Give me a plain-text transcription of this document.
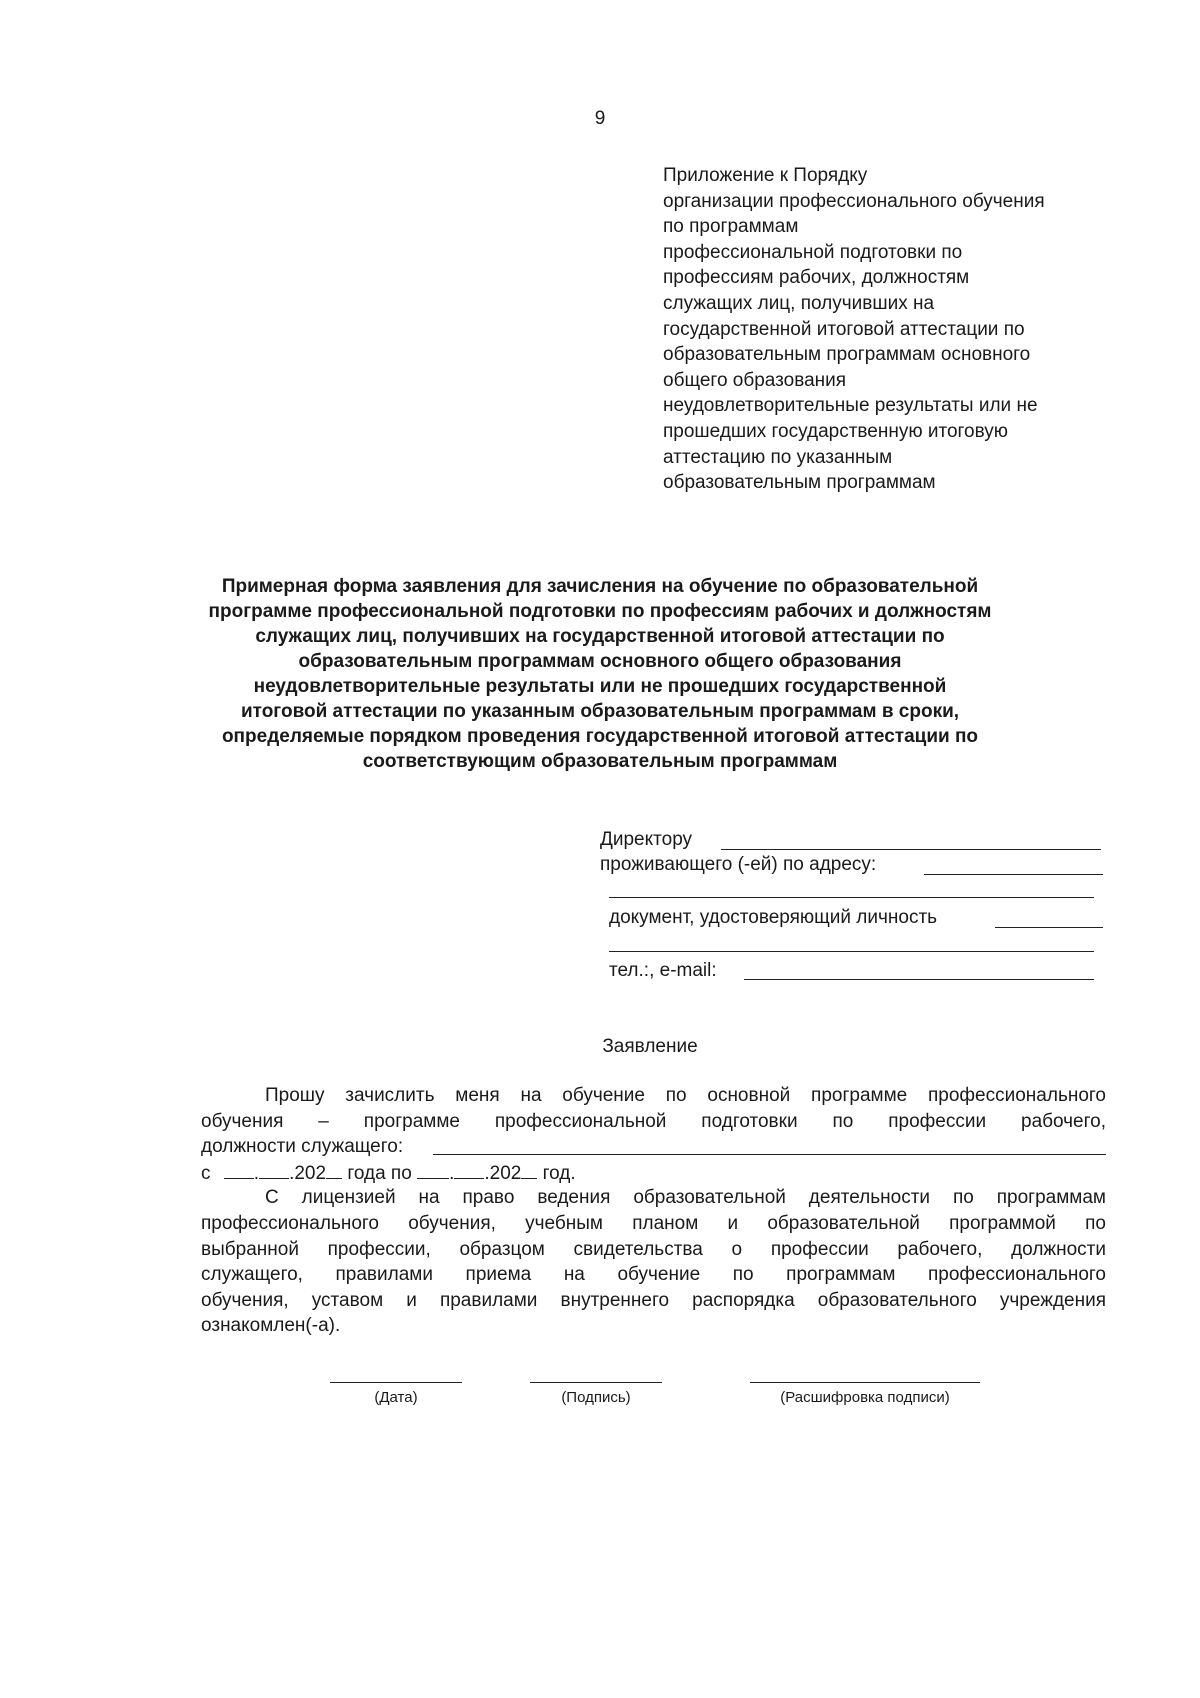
9
Приложение к Порядку
организации профессионального обучения
по программам
профессиональной подготовки по
профессиям рабочих, должностям
служащих лиц, получивших на
государственной итоговой аттестации по
образовательным программам основного
общего образования
неудовлетворительные результаты или не
прошедших государственную итоговую
аттестацию по указанным
образовательным программам
Примерная форма заявления для зачисления на обучение по образовательной
программе профессиональной подготовки по профессиям рабочих и должностям
служащих лиц, получивших на государственной итоговой аттестации по
образовательным программам основного общего образования
неудовлетворительные результаты или не прошедших государственной
итоговой аттестации по указанным образовательным программам в сроки,
определяемые порядком проведения государственной итоговой аттестации по
соответствующим образовательным программам
Директору
проживающего (-ей) по адресу:
документ, удостоверяющий личность
тел.:, e-mail:
Заявление
Прошу зачислить меня на обучение по основной программе профессионального
обучения – программе профессиональной подготовки по профессии рабочего,
должности служащего:
с . .202 года по . .202 год.
С лицензией на право ведения образовательной деятельности по программам
профессионального обучения, учебным планом и образовательной программой по
выбранной профессии, образцом свидетельства о профессии рабочего, должности
служащего, правилами приема на обучение по программам профессионального
обучения, уставом и правилами внутреннего распорядка образовательного учреждения
ознакомлен(-а).
(Дата)	(Подпись)	(Расшифровка подписи)
